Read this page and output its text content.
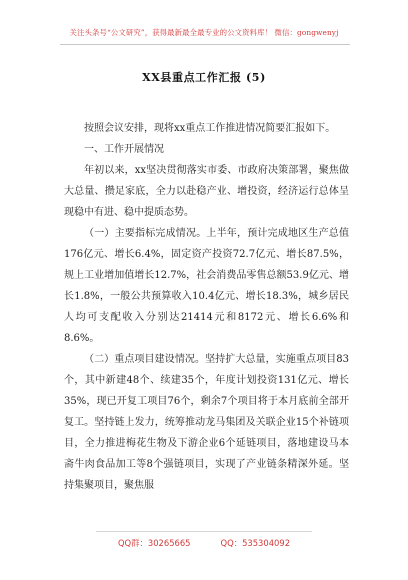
关注头条号“公文研究”，获得最新最全最专业的公文资料库！ 微信：gongwenyj
XX县重点工作汇报 (5)

按照会议安排，现将xx重点工作推进情况简要汇报如下。

一、工作开展情况

年初以来，xx坚决贯彻落实市委、市政府决策部署，聚焦做大总量、攒足家底，全力以赴稳产业、增投资，经济运行总体呈现稳中有进、稳中提质态势。

（一）主要指标完成情况。上半年，预计完成地区生产总值176亿元、增长6.4%，固定资产投资72.7亿元、增长87.5%，规上工业增加值增长12.7%，社会消费品零售总额53.9亿元、增长1.8%，一般公共预算收入10.4亿元、增长18.3%，城乡居民人均可支配收入分别达21414元和8172元、增长6.6%和8.6%。

（二）重点项目建设情况。坚持扩大总量，实施重点项目83个，其中新建48个、续建35个，年度计划投资131亿元、增长35%，现已开复工项目76个，剩余7个项目将于本月底前全部开复工。坚持链上发力，统筹推动龙马集团及关联企业15个补链项目，全力推进梅花生物及下游企业6个延链项目，落地建设马本斋牛肉食品加工等8个强链项目，实现了产业链条精深外延。坚持集聚项目，聚焦服

QQ群：30265665	QQ：535304092
